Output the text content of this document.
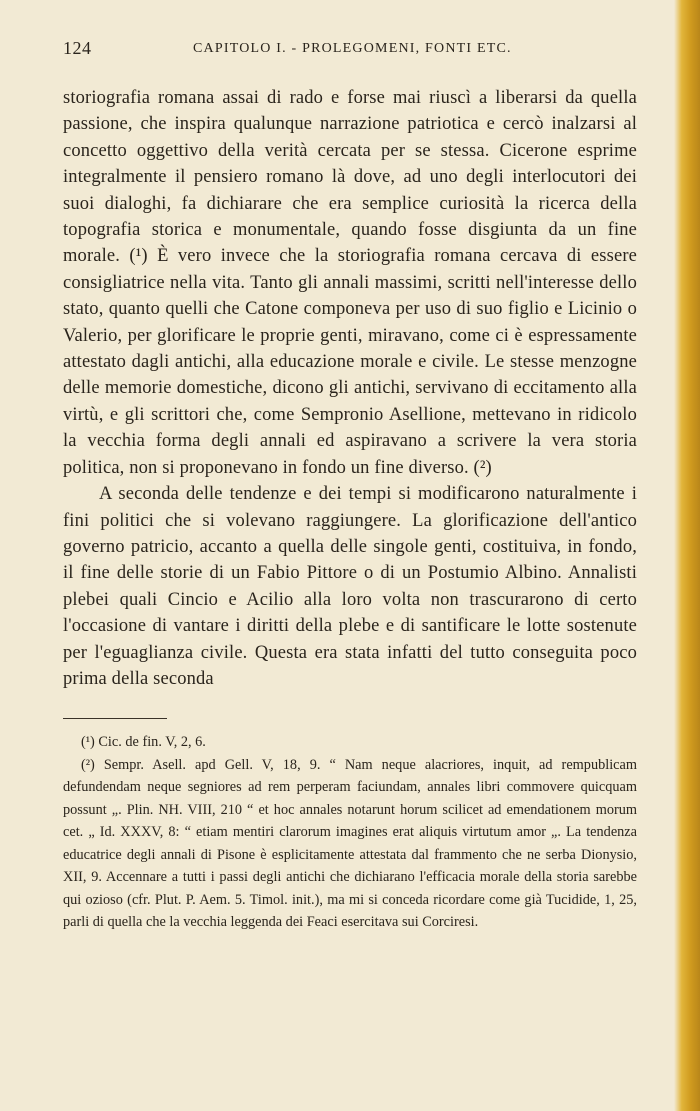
124	CAPITOLO I. - PROLEGOMENI, FONTI ETC.

storiografia romana assai di rado e forse mai riuscì a liberarsi da quella passione, che inspira qualunque narrazione patriotica e cercò inalzarsi al concetto oggettivo della verità cercata per se stessa. Cicerone esprime integralmente il pensiero romano là dove, ad uno degli interlocutori dei suoi dialoghi, fa dichiarare che era semplice curiosità la ricerca della topografia storica e monumentale, quando fosse disgiunta da un fine morale. (¹) È vero invece che la storiografia romana cercava di essere consigliatrice nella vita. Tanto gli annali massimi, scritti nell'interesse dello stato, quanto quelli che Catone componeva per uso di suo figlio e Licinio o Valerio, per glorificare le proprie genti, miravano, come ci è espressamente attestato dagli antichi, alla educazione morale e civile. Le stesse menzogne delle memorie domestiche, dicono gli antichi, servivano di eccitamento alla virtù, e gli scrittori che, come Sempronio Asellione, mettevano in ridicolo la vecchia forma degli annali ed aspiravano a scrivere la vera storia politica, non si proponevano in fondo un fine diverso. (²)

A seconda delle tendenze e dei tempi si modificarono naturalmente i fini politici che si volevano raggiungere. La glorificazione dell'antico governo patricio, accanto a quella delle singole genti, costituiva, in fondo, il fine delle storie di un Fabio Pittore o di un Postumio Albino. Annalisti plebei quali Cincio e Acilio alla loro volta non trascurarono di certo l'occasione di vantare i diritti della plebe e di santificare le lotte sostenute per l'eguaglianza civile. Questa era stata infatti del tutto conseguita poco prima della seconda

(¹) Cic. de fin. V, 2, 6.

(²) Sempr. Asell. apd Gell. V, 18, 9. “ Nam neque alacriores, inquit, ad rempublicam defundendam neque segniores ad rem perperam faciundam, annales libri commovere quicquam possunt „. Plin. NH. VIII, 210 “ et hoc annales notarunt horum scilicet ad emendationem morum cet. „ Id. XXXV, 8: “ etiam mentiri clarorum imagines erat aliquis virtutum amor „. La tendenza educatrice degli annali di Pisone è esplicitamente attestata dal frammento che ne serba Dionysio, XII, 9. Accennare a tutti i passi degli antichi che dichiarano l'efficacia morale della storia sarebbe qui ozioso (cfr. Plut. P. Aem. 5. Timol. init.), ma mi si conceda ricordare come già Tucidide, 1, 25, parli di quella che la vecchia leggenda dei Feaci esercitava sui Corciresi.
